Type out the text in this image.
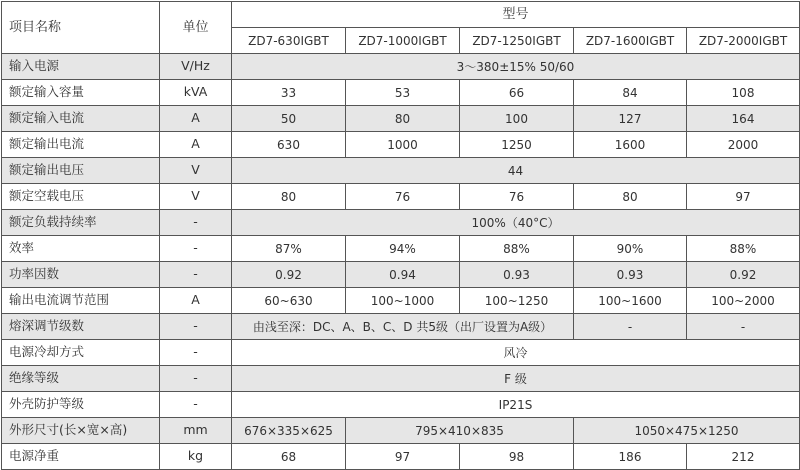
项目名称	单位	型号				
		ZD7-630IGBT	ZD7-1000IGBT	ZD7-1250IGBT	ZD7-1600IGBT	ZD7-2000IGBT
输入电源	V/Hz	3～380±15% 50/60				
额定输入容量	kVA	33	53	66	84	108
额定输入电流	A	50	80	100	127	164
额定输出电流	A	630	1000	1250	1600	2000
额定输出电压	V	44				
额定空载电压	V	80	76	76	80	97
额定负载持续率	-	100%（40°C）				
效率	-	87%	94%	88%	90%	88%
功率因数	-	0.92	0.94	0.93	0.93	0.92
输出电流调节范围	A	60~630	100~1000	100~1250	100~1600	100~2000
熔深调节级数	-	由浅至深：DC、A、B、C、D 共5级（出厂设置为A级）			-	-
电源冷却方式	-	风冷				
绝缘等级	-	F 级				
外壳防护等级	-	IP21S				
外形尺寸(长×宽×高)	mm	676×335×625	795×410×835		1050×475×1250	
电源净重	kg	68	97	98	186	212
